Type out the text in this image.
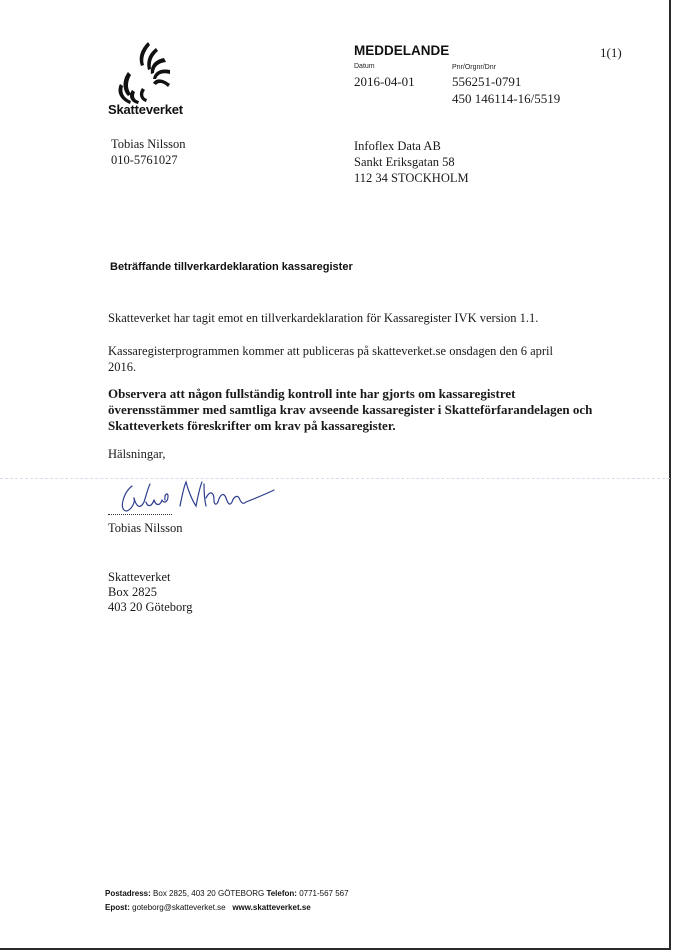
Skatteverket
MEDDELANDE	1(1)
Datum	Pnr/Orgnr/Dnr
2016-04-01	556251-0791
450 146114-16/5519
Tobias Nilsson
010-5761027
Infoflex Data AB
Sankt Eriksgatan 58
112 34 STOCKHOLM
Beträffande tillverkardeklaration kassaregister
Skatteverket har tagit emot en tillverkardeklaration för Kassaregister IVK version 1.1.
Kassaregisterprogrammen kommer att publiceras på skatteverket.se onsdagen den 6 april 2016.
Observera att någon fullständig kontroll inte har gjorts om kassaregistret överensstämmer med samtliga krav avseende kassaregister i Skatteförfarandelagen och Skatteverkets föreskrifter om krav på kassaregister.
Hälsningar,
Tobias Nilsson
Skatteverket
Box 2825
403 20 Göteborg
Postadress: Box 2825, 403 20 GÖTEBORG Telefon: 0771-567 567
Epost: goteborg@skatteverket.se www.skatteverket.se
